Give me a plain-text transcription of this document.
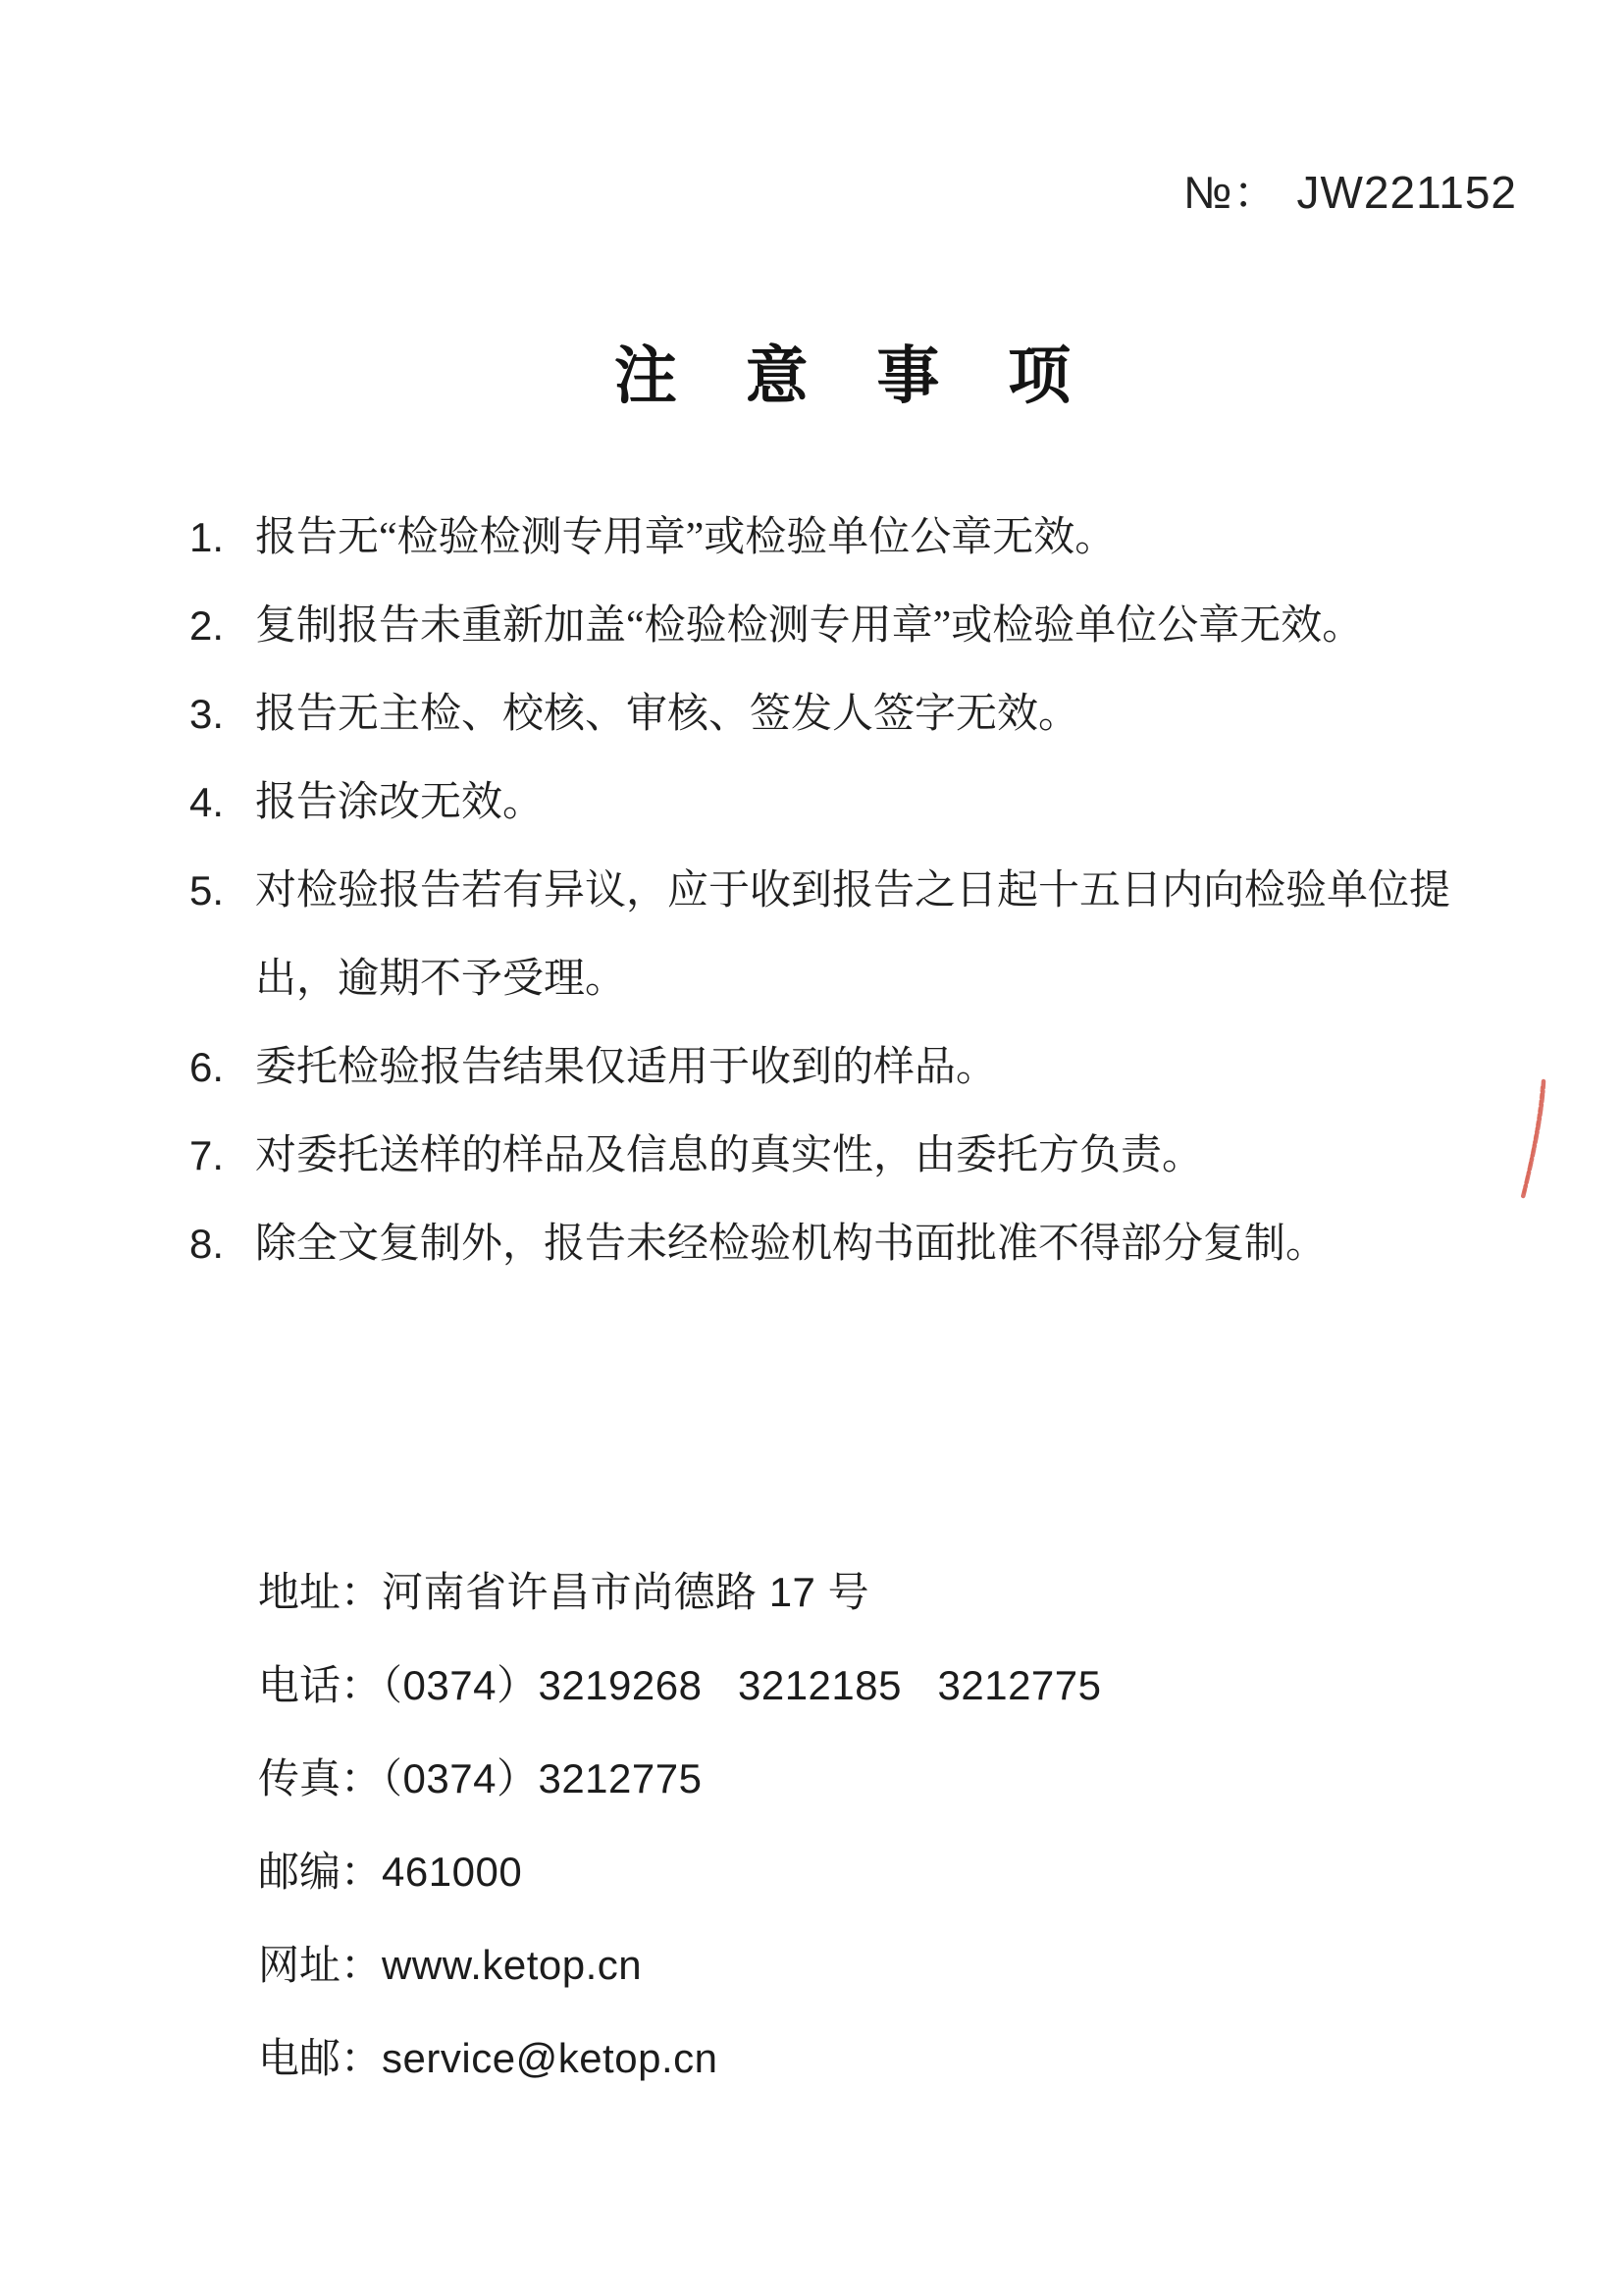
№： JW221152
注 意 事 项
1. 报告无“检验检测专用章”或检验单位公章无效。
2. 复制报告未重新加盖“检验检测专用章”或检验单位公章无效。
3. 报告无主检、校核、审核、签发人签字无效。
4. 报告涂改无效。
5. 对检验报告若有异议，应于收到报告之日起十五日内向检验单位提出，逾期不予受理。
6. 委托检验报告结果仅适用于收到的样品。
7. 对委托送样的样品及信息的真实性，由委托方负责。
8. 除全文复制外，报告未经检验机构书面批准不得部分复制。

地址：河南省许昌市尚德路 17 号

电话：（0374）3219268   3212185   3212775

传真：（0374）3212775

邮编：461000

网址：www.ketop.cn

电邮：service@ketop.cn
